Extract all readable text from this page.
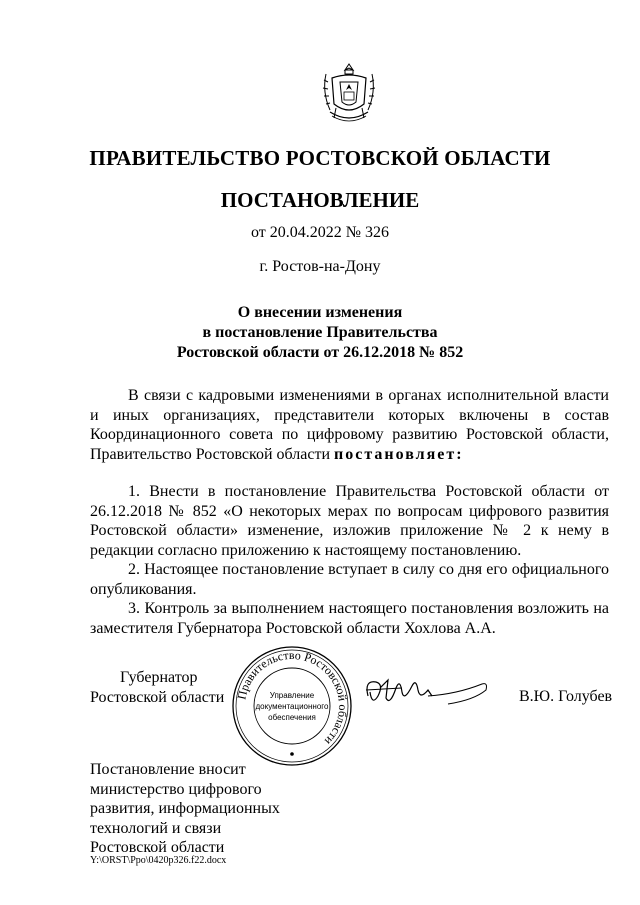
ПРАВИТЕЛЬСТВО РОСТОВСКОЙ ОБЛАСТИ
ПОСТАНОВЛЕНИЕ
от 20.04.2022 № 326
г. Ростов-на-Дону
О внесении изменения
в постановление Правительства
Ростовской области от 26.12.2018 № 852

В связи с кадровыми изменениями в органах исполнительной власти и иных организациях, представители которых включены в состав Координационного совета по цифровому развитию Ростовской области, Правительство Ростовской области постановляет:

1. Внести в постановление Правительства Ростовской области от 26.12.2018 № 852 «О некоторых мерах по вопросам цифрового развития Ростовской области» изменение, изложив приложение № 2 к нему в редакции согласно приложению к настоящему постановлению.

2. Настоящее постановление вступает в силу со дня его официального опубликования.

3. Контроль за выполнением настоящего постановления возложить на заместителя Губернатора Ростовской области Хохлова А.А.

Губернатор
Ростовской области Правительство Ростовской области
Управление
документационного
обеспечения
В.Ю. Голубев
Постановление вносит
министерство цифрового
развития, информационных
технологий и связи
Ростовской области
Y:\ORST\Ppo\0420p326.f22.docx
